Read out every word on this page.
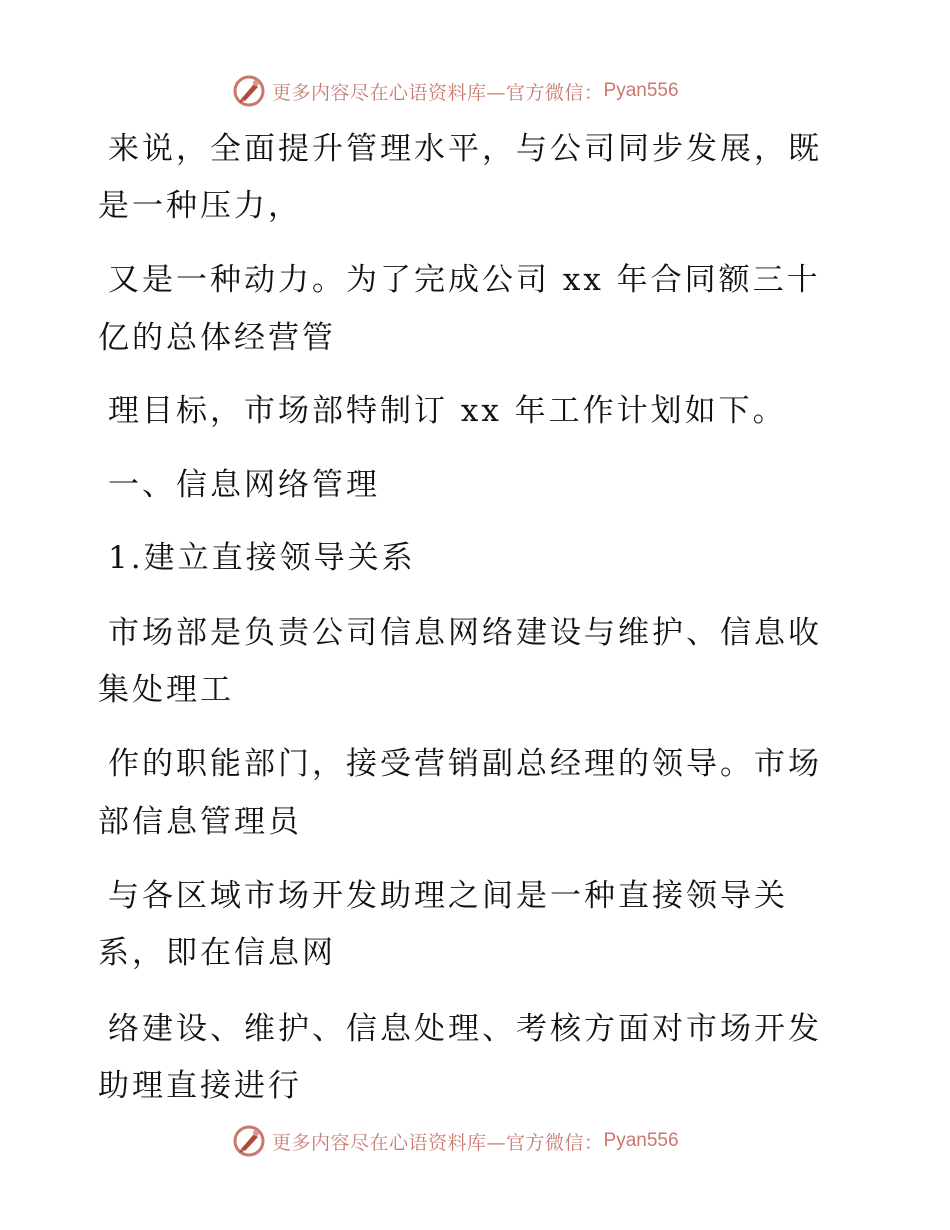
更多内容尽在心语资料库—官方微信： Pyan556
来说，全面提升管理水平，与公司同步发展，既
是一种压力，
又是一种动力。为了完成公司 xx 年合同额三十
亿的总体经营管
理目标，市场部特制订 xx 年工作计划如下。
一、信息网络管理
1.建立直接领导关系
市场部是负责公司信息网络建设与维护、信息收
集处理工
作的职能部门，接受营销副总经理的领导。市场
部信息管理员
与各区域市场开发助理之间是一种直接领导关
系，即在信息网
络建设、维护、信息处理、考核方面对市场开发
助理直接进行
更多内容尽在心语资料库—官方微信： Pyan556
